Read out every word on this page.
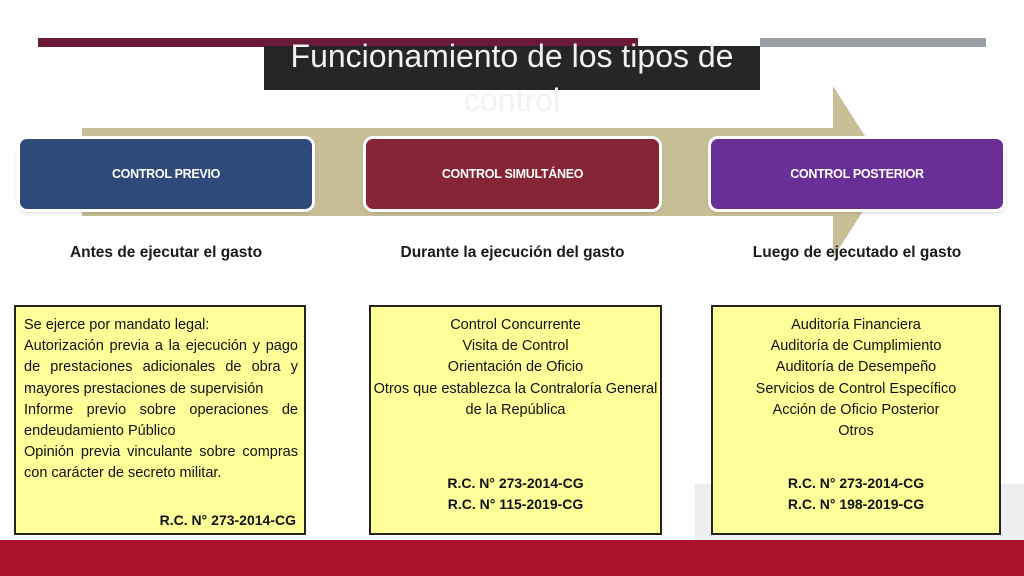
Funcionamiento de los tipos de control
CONTROL PREVIO	CONTROL SIMULTÁNEO	CONTROL POSTERIOR
Antes de ejecutar el gasto	Durante la ejecución del gasto	Luego de ejecutado el gasto
Se ejerce por mandato legal:
Autorización previa a la ejecución y pago de prestaciones adicionales de obra y mayores prestaciones de supervisión
Informe previo sobre operaciones de endeudamiento Público
Opinión previa vinculante sobre compras con carácter de secreto militar.
R.C. N° 273-2014-CG
Control Concurrente
Visita de Control
Orientación de Oficio
Otros que establezca la Contraloría General de la República
R.C. N° 273-2014-CG
R.C. N° 115-2019-CG
Auditoría Financiera
Auditoría de Cumplimiento
Auditoría de Desempeño
Servicios de Control Específico
Acción de Oficio Posterior
Otros
R.C. N° 273-2014-CG
R.C. N° 198-2019-CG
